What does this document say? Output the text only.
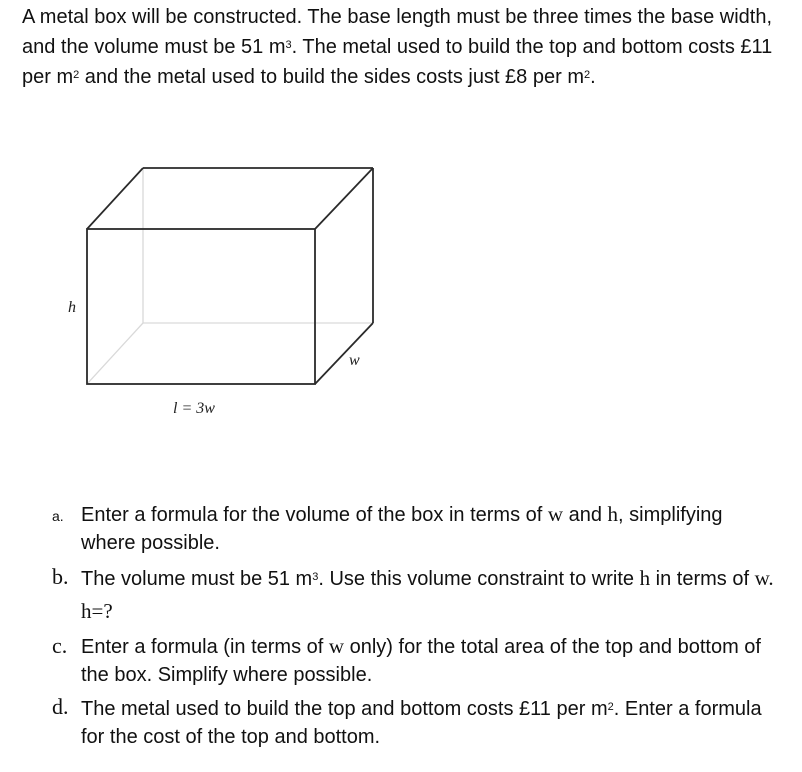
A metal box will be constructed. The base length must be three times the base width, and the volume must be 51 $m^3$. The metal used to build the top and bottom costs £11 per $m^2$ and the metal used to build the sides costs just £8 per $m^2$.

h
w
l = 3w
a. Enter a formula for the volume of the box in terms of w and h, simplifying where possible.
b. The volume must be 51 $m^3$. Use this volume constraint to write h in terms of w. h=?
c. Enter a formula (in terms of w only) for the total area of the top and bottom of the box. Simplify where possible.
d. The metal used to build the top and bottom costs £11 per $m^2$. Enter a formula for the cost of the top and bottom.
